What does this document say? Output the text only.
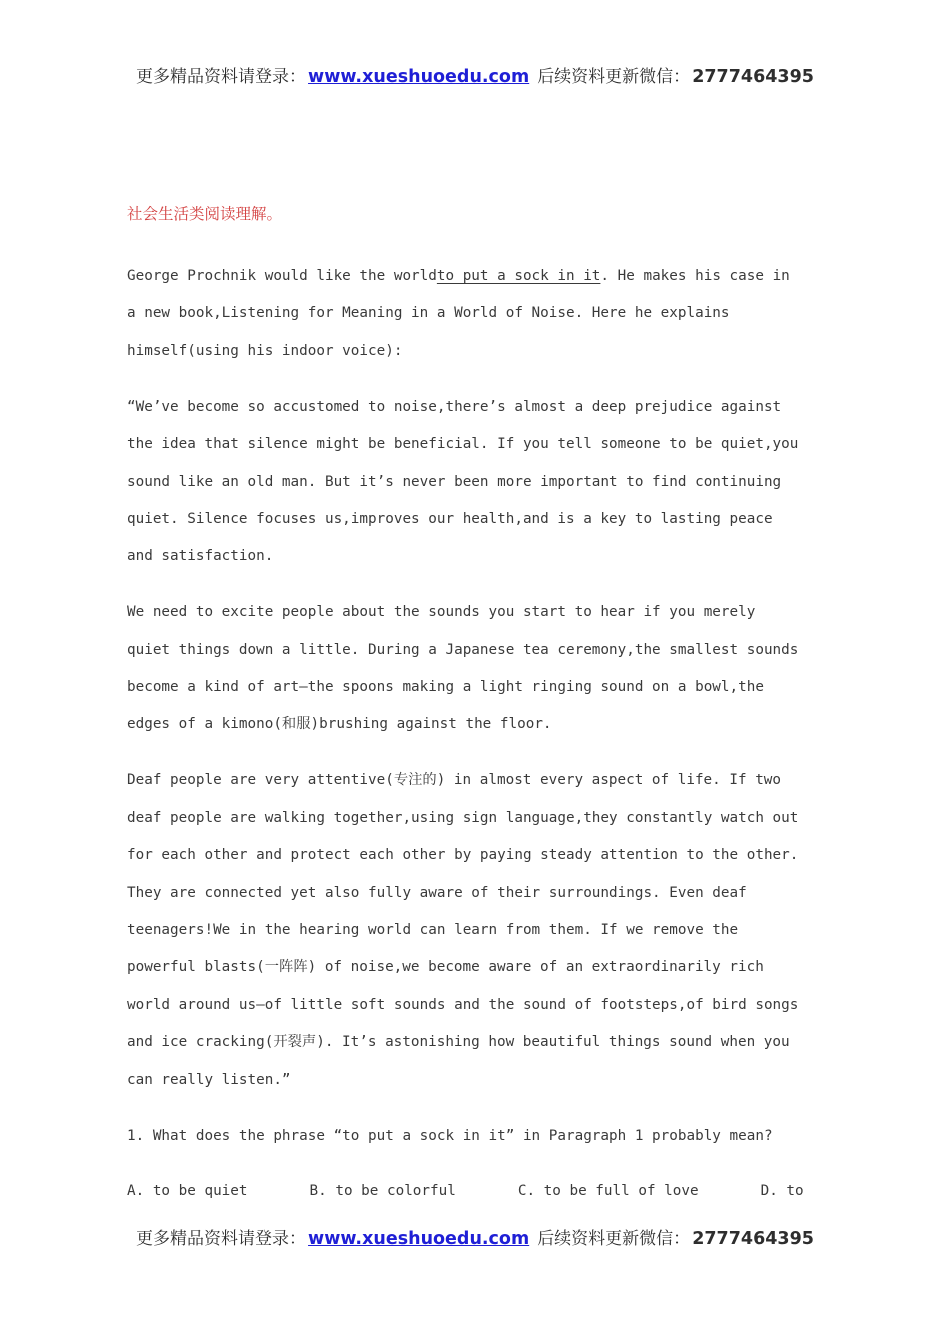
更多精品资料请登录： www.xueshuoedu.com 后续资料更新微信： 2777464395
社会生活类阅读理解。

George Prochnik would like the worldto put a sock in it. He makes his case in a new book,Listening for Meaning in a World of Noise. Here he explains himself(using his indoor voice):

“We’ve become so accustomed to noise,there’s almost a deep prejudice against the idea that silence might be beneficial. If you tell someone to be quiet,you sound like an old man. But it’s never been more important to find continuing quiet. Silence focuses us,improves our health,and is a key to lasting peace and satisfaction.

We need to excite people about the sounds you start to hear if you merely quiet things down a little. During a Japanese tea ceremony,the smallest sounds become a kind of art—the spoons making a light ringing sound on a bowl,the edges of a kimono(和服)brushing against the floor.

Deaf people are very attentive(专注的) in almost every aspect of life. If two deaf people are walking together,using sign language,they constantly watch out for each other and protect each other by paying steady attention to the other. They are connected yet also fully aware of their surroundings. Even deaf teenagers!We in the hearing world can learn from them. If we remove the powerful blasts(一阵阵) of noise,we become aware of an extraordinarily rich world around us—of little soft sounds and the sound of footsteps,of bird songs and ice cracking(开裂声). It’s astonishing how beautiful things sound when you can really listen.”

1. What does the phrase “to put a sock in it” in Paragraph 1 probably mean?
A. to be quiet	B. to be colorful	C. to be full of love	D. to
更多精品资料请登录： www.xueshuoedu.com 后续资料更新微信： 2777464395
